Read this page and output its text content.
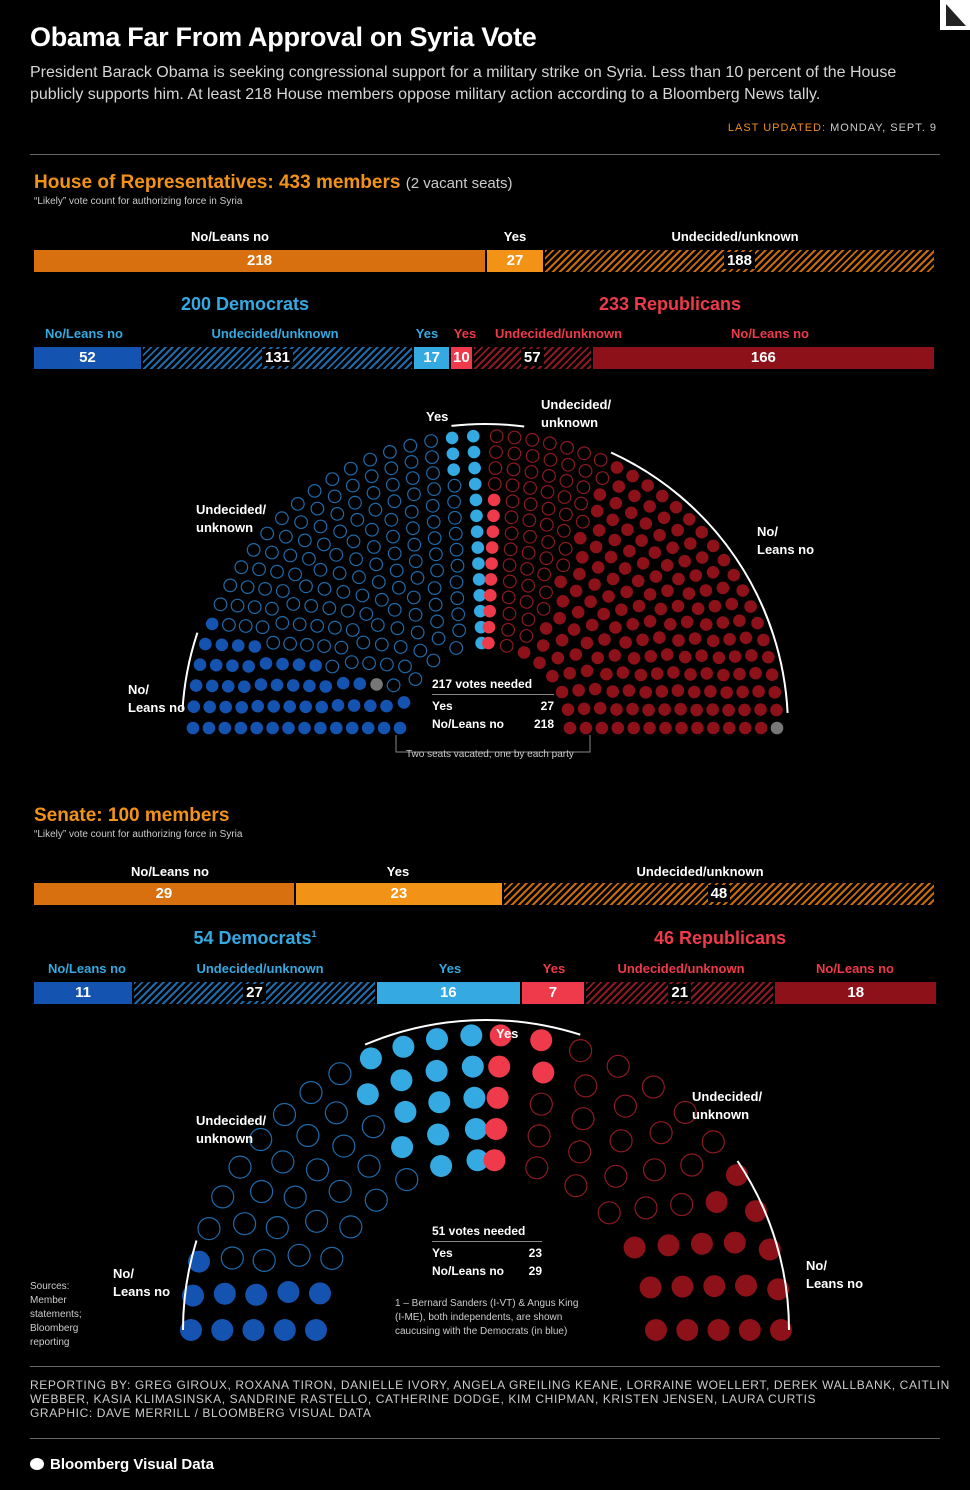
Obama Far From Approval on Syria Vote
President Barack Obama is seeking congressional support for a military strike on Syria. Less than 10 percent of the House publicly supports him. At least 218 House members oppose military action according to a Bloomberg News tally.
LAST UPDATED: MONDAY, SEPT. 9
House of Representatives: 433 members (2 vacant seats)
“Likely” vote count for authorizing force in Syria
No/Leans no	Yes	Undecided/unknown
218	27	188
200 Democrats	233 Republicans
No/Leans no	Undecided/unknown	Yes Yes	Undecided/unknown	No/Leans no
52	131	17 10	57	166
Yes
Undecided/
unknown
Undecided/
unknown	No/
Leans no
No/
Leans no
217 votes needed
Yes	27
No/Leans no 218
Two seats vacated; one by each party
Senate: 100 members
“Likely” vote count for authorizing force in Syria
No/Leans no	Yes	Undecided/unknown
29	23	48
54 Democrats$^1$	46 Republicans
No/Leans no	Undecided/unknown	Yes	Yes	Undecided/unknown	No/Leans no
11	27	16	7	21	18
Yes
Undecided/
unknown
Undecided/
unknown
No/
Leans no
No/
Leans no
51 votes needed
Yes	23
No/Leans no 29
1 – Bernard Sanders (I-VT) & Angus King (I-ME), both independents, are shown caucusing with the Democrats (in blue)
Sources: Member statements; Bloomberg reporting
REPORTING BY: GREG GIROUX, ROXANA TIRON, DANIELLE IVORY, ANGELA GREILING KEANE, LORRAINE WOELLERT, DEREK WALLBANK, CAITLIN WEBBER, KASIA KLIMASINSKA, SANDRINE RASTELLO, CATHERINE DODGE, KIM CHIPMAN, KRISTEN JENSEN, LAURA CURTIS
GRAPHIC: DAVE MERRILL / BLOOMBERG VISUAL DATA
Bloomberg Visual Data
